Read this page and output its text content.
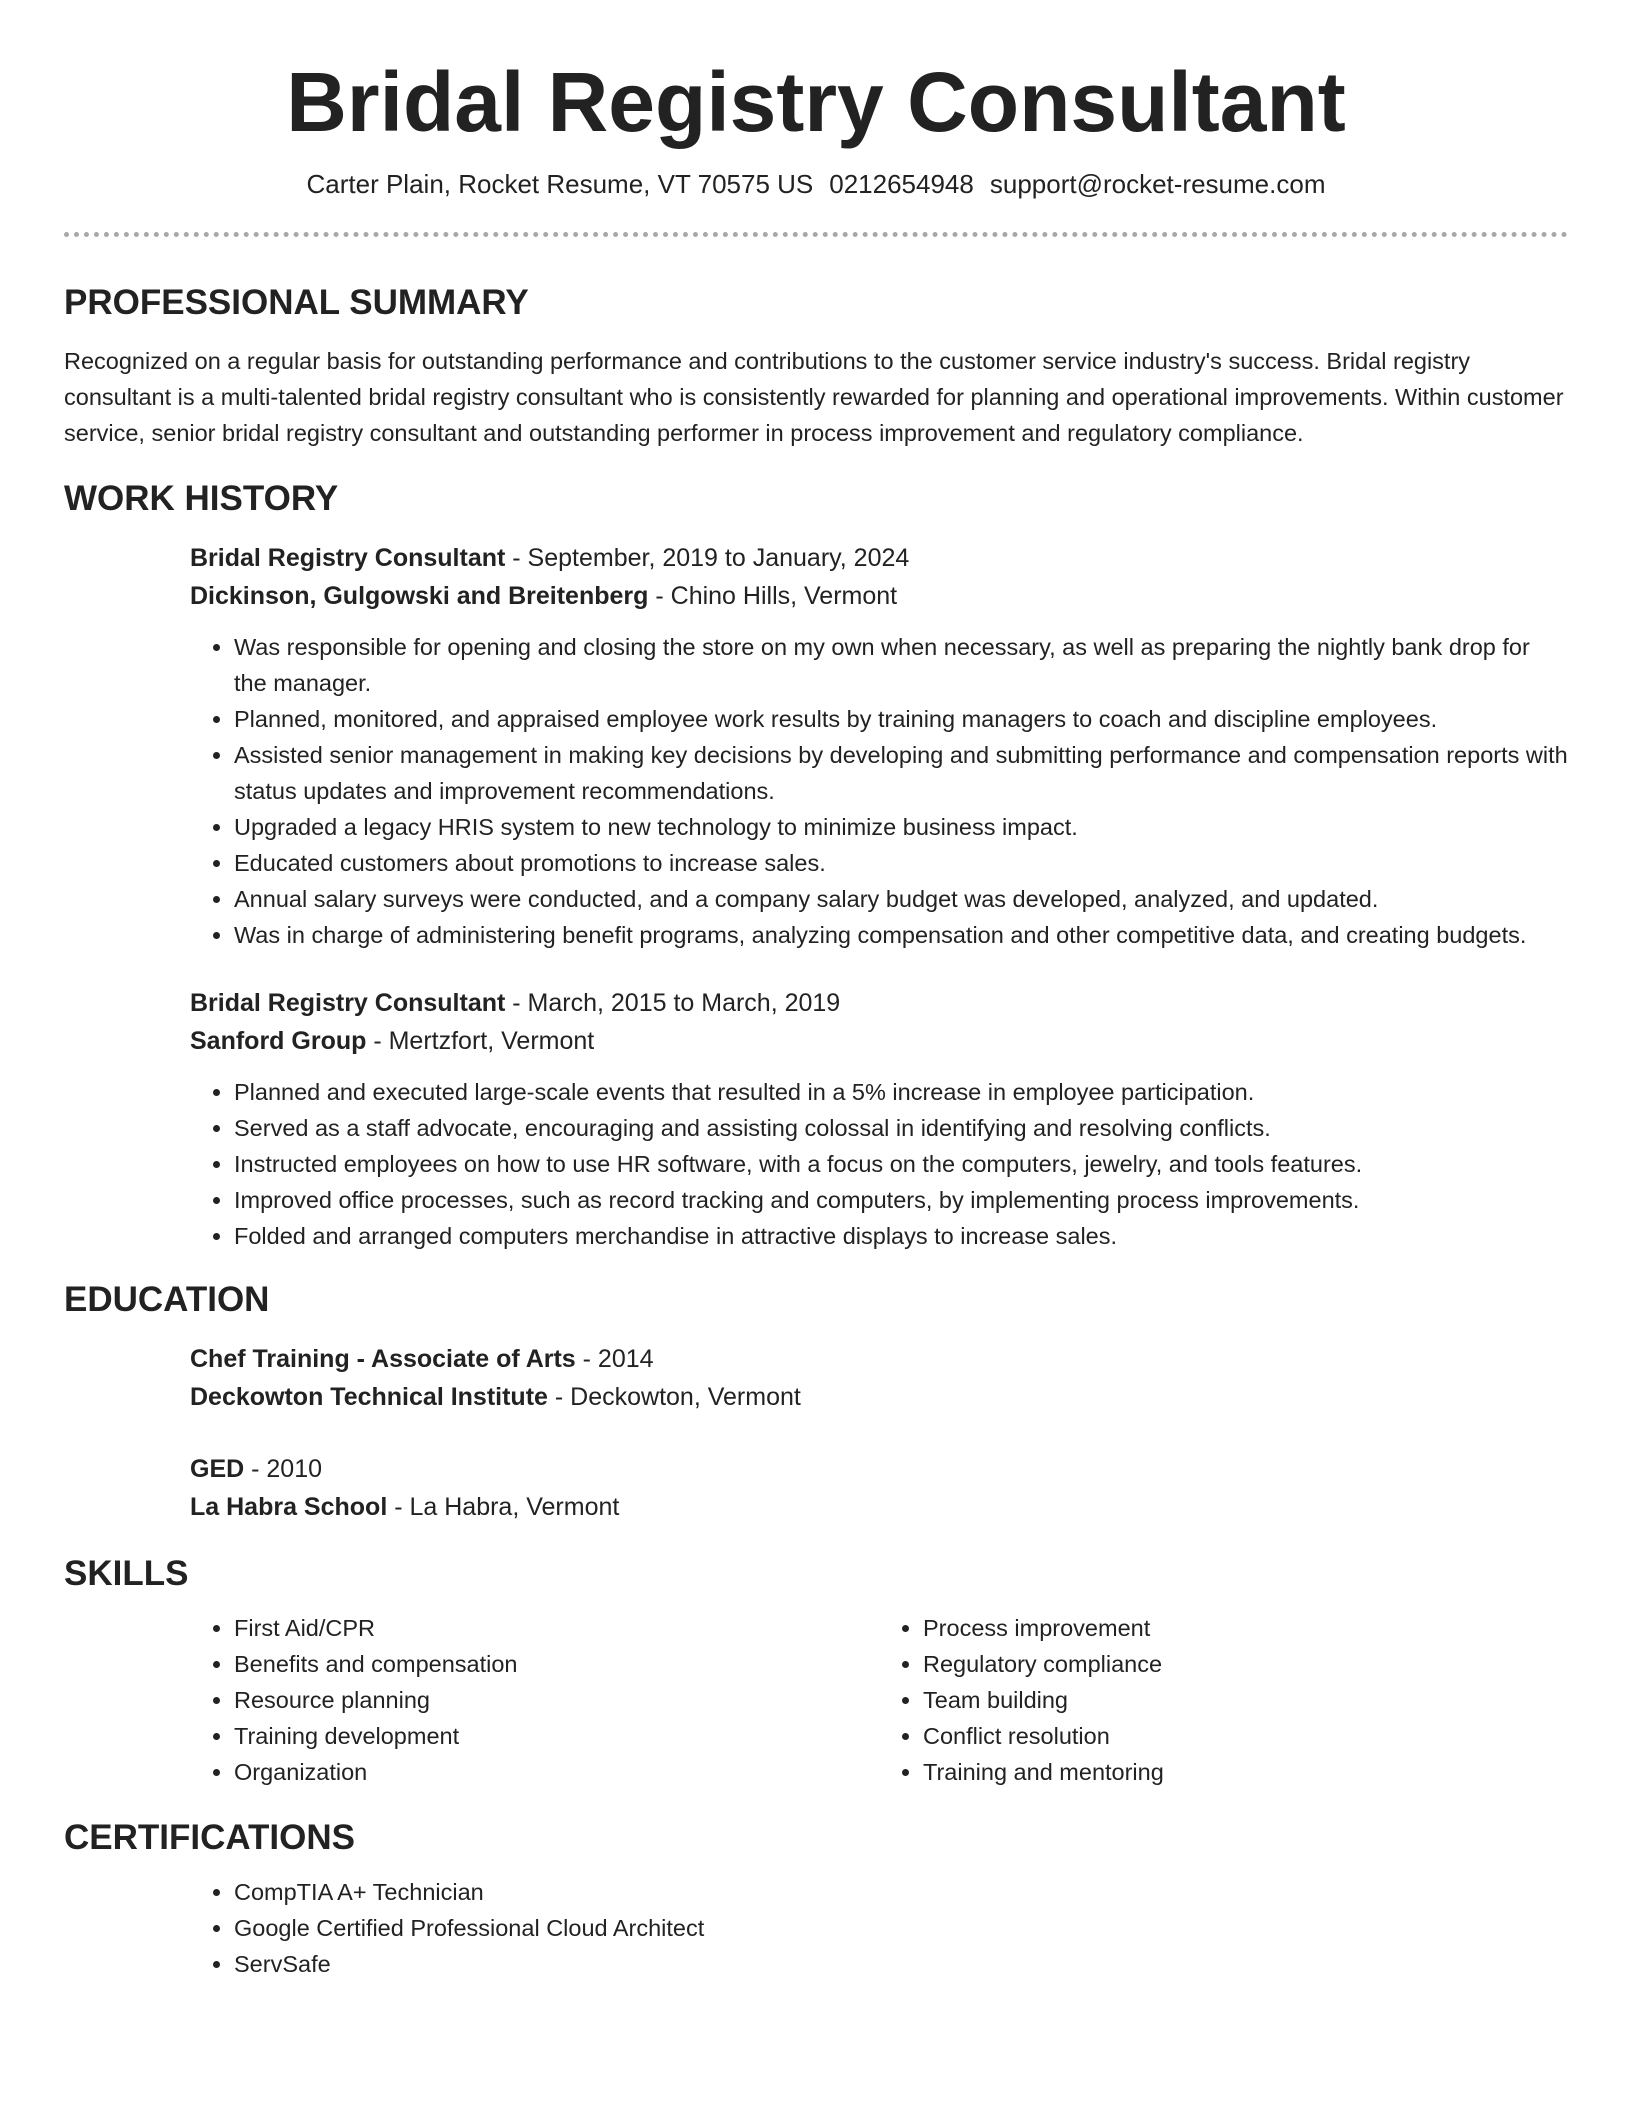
Bridal Registry Consultant
Carter Plain, Rocket Resume, VT 70575 US 0212654948 support@rocket-resume.com
PROFESSIONAL SUMMARY

Recognized on a regular basis for outstanding performance and contributions to the customer service industry's success. Bridal registry consultant is a multi-talented bridal registry consultant who is consistently rewarded for planning and operational improvements. Within customer service, senior bridal registry consultant and outstanding performer in process improvement and regulatory compliance.

WORK HISTORY

Bridal Registry Consultant - September, 2019 to January, 2024

Dickinson, Gulgowski and Breitenberg - Chino Hills, Vermont

• Was responsible for opening and closing the store on my own when necessary, as well as preparing the nightly bank drop for the manager.
• Planned, monitored, and appraised employee work results by training managers to coach and discipline employees.
• Assisted senior management in making key decisions by developing and submitting performance and compensation reports with status updates and improvement recommendations.
• Upgraded a legacy HRIS system to new technology to minimize business impact.
• Educated customers about promotions to increase sales.
• Annual salary surveys were conducted, and a company salary budget was developed, analyzed, and updated.
• Was in charge of administering benefit programs, analyzing compensation and other competitive data, and creating budgets.

Bridal Registry Consultant - March, 2015 to March, 2019

Sanford Group - Mertzfort, Vermont

• Planned and executed large-scale events that resulted in a 5% increase in employee participation.
• Served as a staff advocate, encouraging and assisting colossal in identifying and resolving conflicts.
• Instructed employees on how to use HR software, with a focus on the computers, jewelry, and tools features.
• Improved office processes, such as record tracking and computers, by implementing process improvements.
• Folded and arranged computers merchandise in attractive displays to increase sales.
EDUCATION

Chef Training - Associate of Arts - 2014

Deckowton Technical Institute - Deckowton, Vermont

GED - 2010

La Habra School - La Habra, Vermont

SKILLS
• First Aid/CPR
• Benefits and compensation
• Resource planning
• Training development
• Organization
• Process improvement
• Regulatory compliance
• Team building
• Conflict resolution
• Training and mentoring
CERTIFICATIONS
• CompTIA A+ Technician
• Google Certified Professional Cloud Architect
• ServSafe
